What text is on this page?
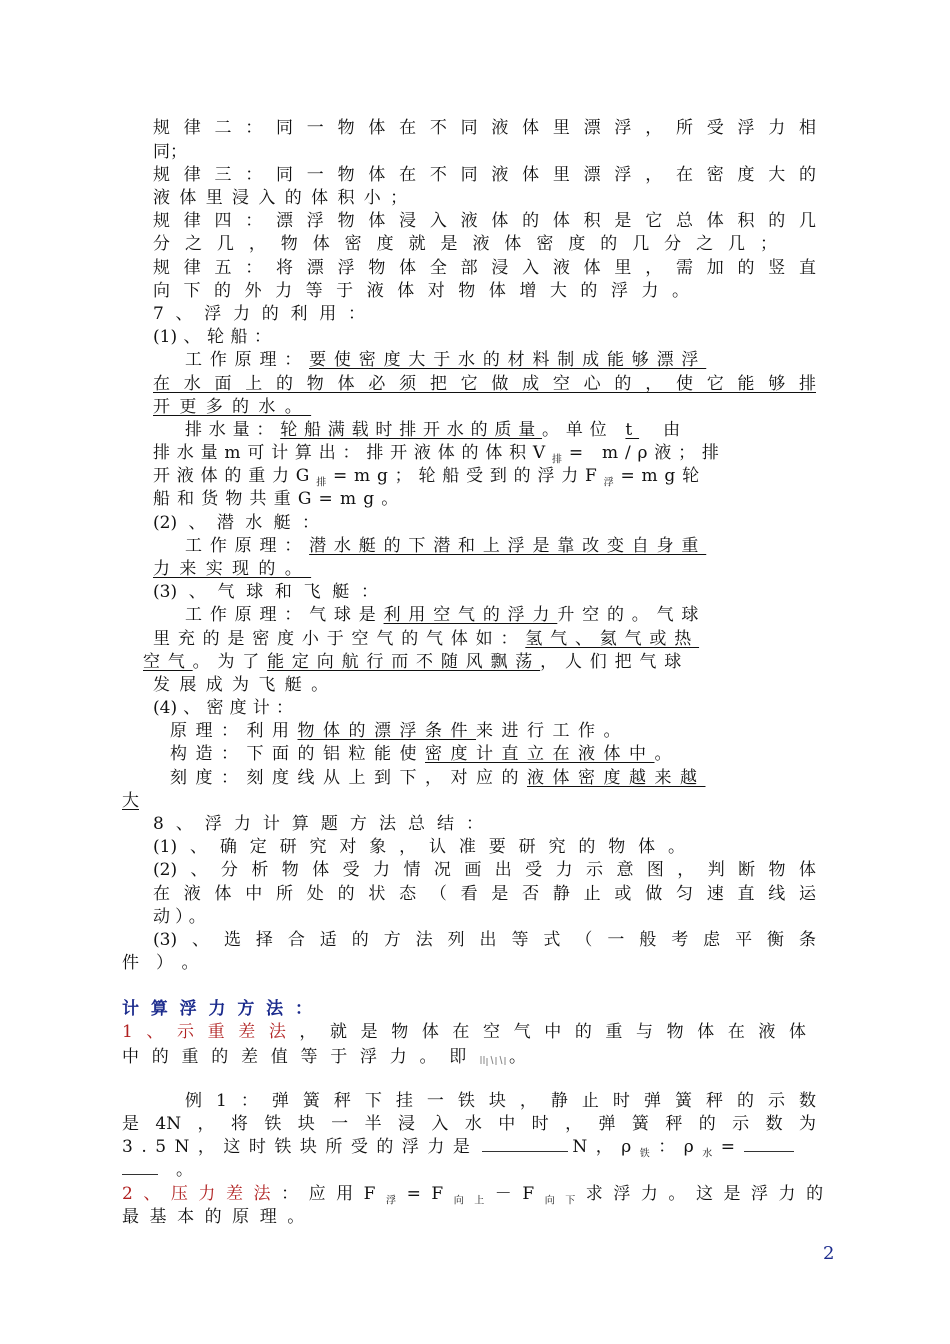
规律二：同一物体在不同液体里漂浮，所受浮力相
同；
规律三：同一物体在不同液体里漂浮，在密度大的
液体里浸入的体积小；
规律四：漂浮物体浸入液体的体积是它总体积的几
分之几，物体密度就是液体密度的几分之几；
规律五：将漂浮物体全部浸入液体里，需加的竖直
向下的外力等于液体对物体增大的浮力。
7、浮力的利用：
(1)、轮船：
工作原理：要使密度大于水的材料制成能够漂浮
在水面上的物体必须把它做成空心的，使它能够排
开更多的水。
排水量：轮船满载时排开水的质量。单位 t 由
排水量m可计算出：排开液体的体积$V_排= m/\rho$液；排
开液体的重力$G_排=mg$；轮船受到的浮力$F_浮=mg$轮
船和货物共重G=mg。
(2)、潜水艇：
工作原理：潜水艇的下潜和上浮是靠改变自身重
力来实现的。
(3)、气球和飞艇：
工作原理：气球是利用空气的浮力升空的。气球
里充的是密度小于空气的气体如：氢气、氦气或热
空气。为了能定向航行而不随风飘荡，人们把气球
发展成为飞艇。
(4)、密度计：
原理：利用物体的漂浮条件来进行工作。
构造：下面的铝粒能使密度计直立在液体中。
刻度：刻度线从上到下，对应的液体密度越来越
大
8、浮力计算题方法总结：
(1)、确定研究对象，认准要研究的物体。
(2)、分析物体受力情况画出受力示意图，判断物体
在液体中所处的状态（看是否静止或做匀速直线运
动）。
(3)、选择合适的方法列出等式（一般考虑平衡条
件）。
计算浮力方法：
1、示重差法，就是物体在空气中的重与物体在液体
中的重的差值等于浮力。即 。
例1：弹簧秤下挂一铁块，静止时弹簧秤的示数
是4N，将铁块一半浸入水中时，弹簧秤的示数为
3.5N，这时铁块所受的浮力是	N，$\rho_铁$：$\rho_水=$
。
2、压力差法：应用$F_浮=F_{向上}-F_{向下}$求浮力。这是浮力的
最基本的原理。
2
